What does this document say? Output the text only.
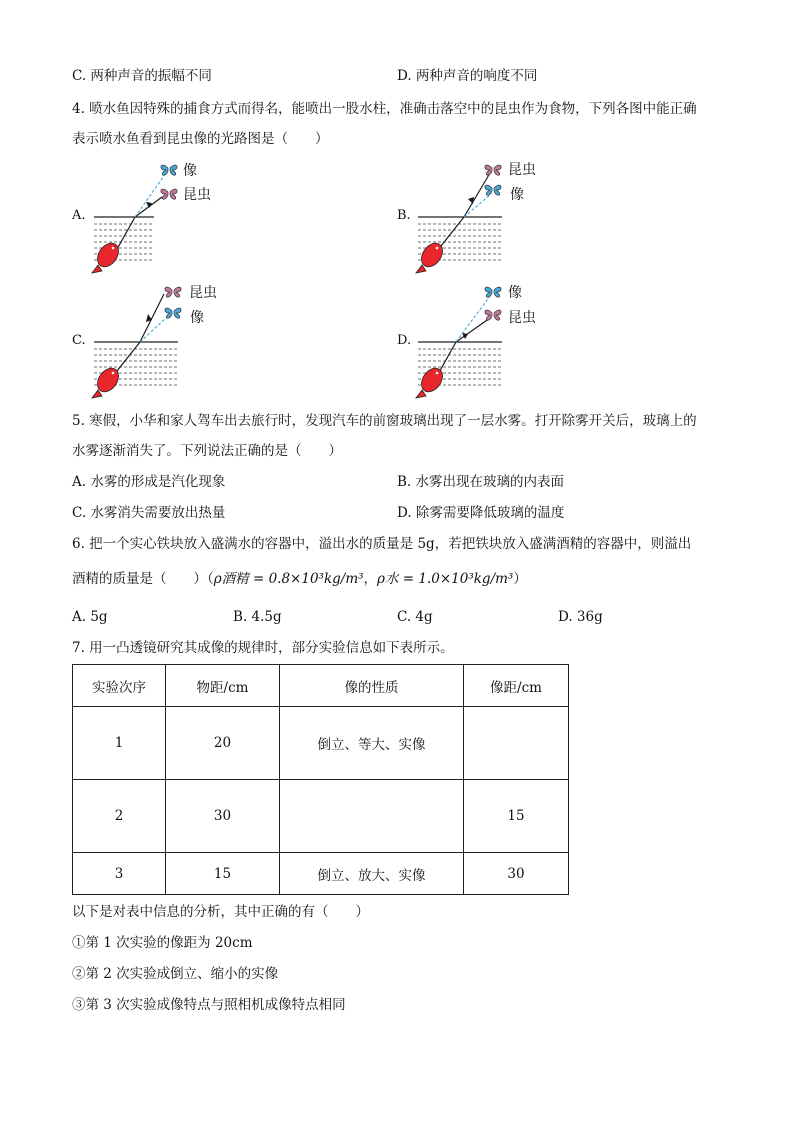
C. 两种声音的振幅不同	D. 两种声音的响度不同
4. 喷水鱼因特殊的捕食方式而得名，能喷出一股水柱，准确击落空中的昆虫作为食物，下列各图中能正确
表示喷水鱼看到昆虫像的光路图是（　　）
A.
像
昆虫
B.
昆虫
像
C.
昆虫
像
D.
像
昆虫
5. 寒假，小华和家人驾车出去旅行时，发现汽车的前窗玻璃出现了一层水雾。打开除雾开关后，玻璃上的
水雾逐渐消失了。下列说法正确的是（　　）
A. 水雾的形成是汽化现象	B. 水雾出现在玻璃的内表面
C. 水雾消失需要放出热量	D. 除雾需要降低玻璃的温度
6. 把一个实心铁块放入盛满水的容器中，溢出水的质量是 5g，若把铁块放入盛满酒精的容器中，则溢出
酒精的质量是（　　）（ρ酒精 = 0.8×10³kg/m³，ρ水 = 1.0×10³kg/m³）
A. 5g	B. 4.5g	C. 4g	D. 36g
7. 用一凸透镜研究其成像的规律时，部分实验信息如下表所示。
实验次序	物距/cm	像的性质	像距/cm
1	20	倒立、等大、实像	
2	30		15
3	15	倒立、放大、实像	30
以下是对表中信息的分析，其中正确的有（　　）
①第 1 次实验的像距为 20cm
②第 2 次实验成倒立、缩小的实像
③第 3 次实验成像特点与照相机成像特点相同
